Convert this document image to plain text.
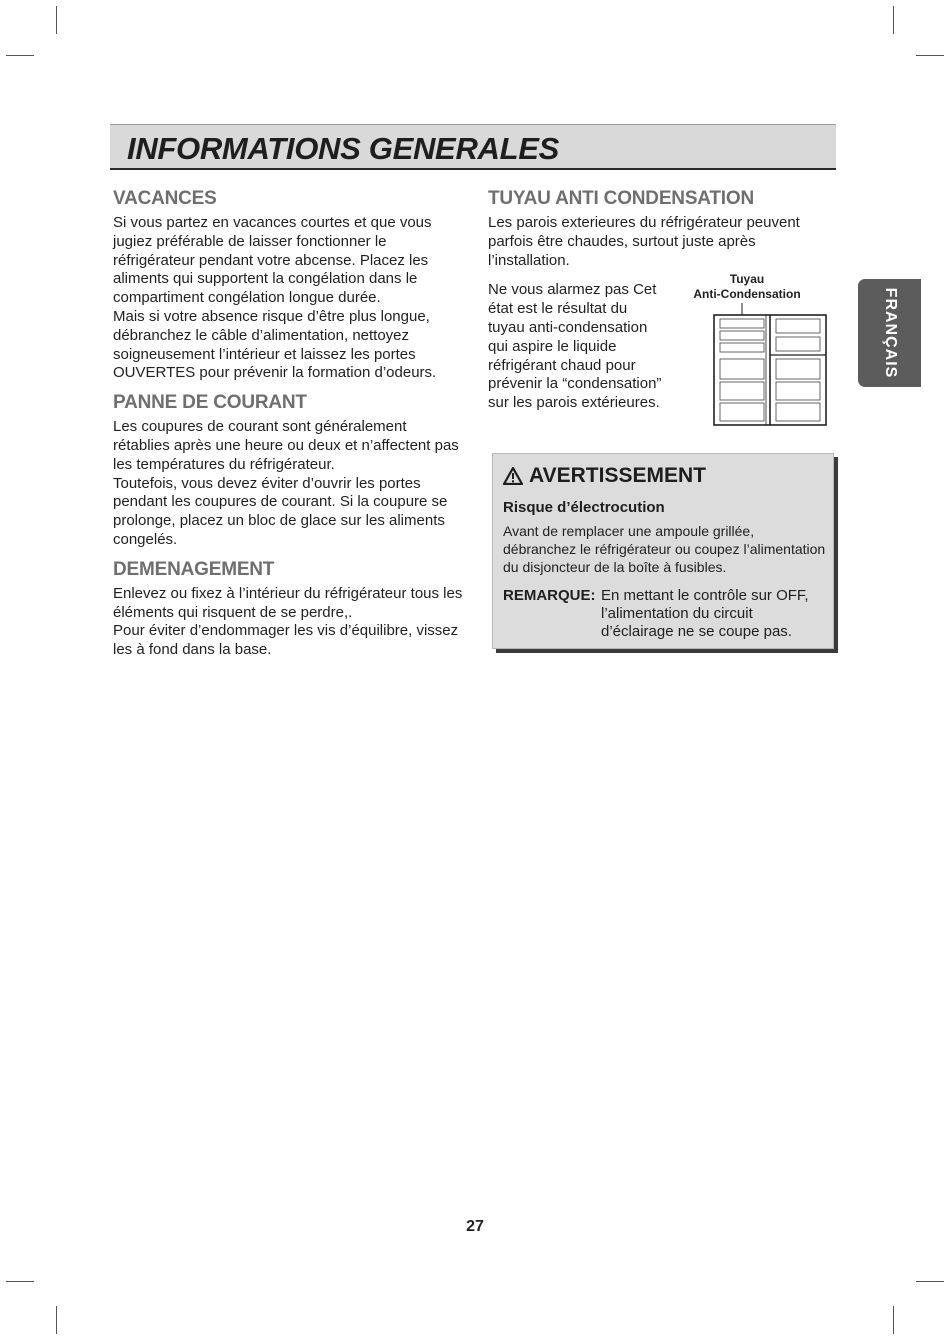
INFORMATIONS GENERALES
FRANÇAIS
VACANCES

Si vous partez en vacances courtes et que vous jugiez préférable de laisser fonctionner le réfrigérateur pendant votre abcense. Placez les aliments qui supportent la congélation dans le compartiment congélation longue durée.

Mais si votre absence risque d’être plus longue, débranchez le câble d’alimentation, nettoyez soigneusement l’intérieur et laissez les portes OUVERTES pour prévenir la formation d’odeurs.

PANNE DE COURANT

Les coupures de courant sont généralement rétablies après une heure ou deux et n’affectent pas les températures du réfrigérateur.

Toutefois, vous devez éviter d’ouvrir les portes pendant les coupures de courant. Si la coupure se prolonge, placez un bloc de glace sur les aliments congelés.

DEMENAGEMENT

Enlevez ou fixez à l’intérieur du réfrigérateur tous les éléments qui risquent de se perdre,.

Pour éviter d’endommager les vis d’équilibre, vissez les à fond dans la base.

TUYAU ANTI CONDENSATION

Les parois exterieures du réfrigérateur peuvent parfois être chaudes, surtout juste après l’installation.

Ne vous alarmez pas Cet état est le résultat du tuyau anti-condensation qui aspire le liquide réfrigérant chaud pour prévenir la “condensation” sur les parois extérieures.

Tuyau
Anti-Condensation
AVERTISSEMENT
Risque d’électrocution
Avant de remplacer une ampoule grillée, débranchez le réfrigérateur ou coupez l’alimentation du disjoncteur de la boîte à fusibles.
REMARQUE: En mettant le contrôle sur OFF, l’alimentation du circuit d’éclairage ne se coupe pas.
27
